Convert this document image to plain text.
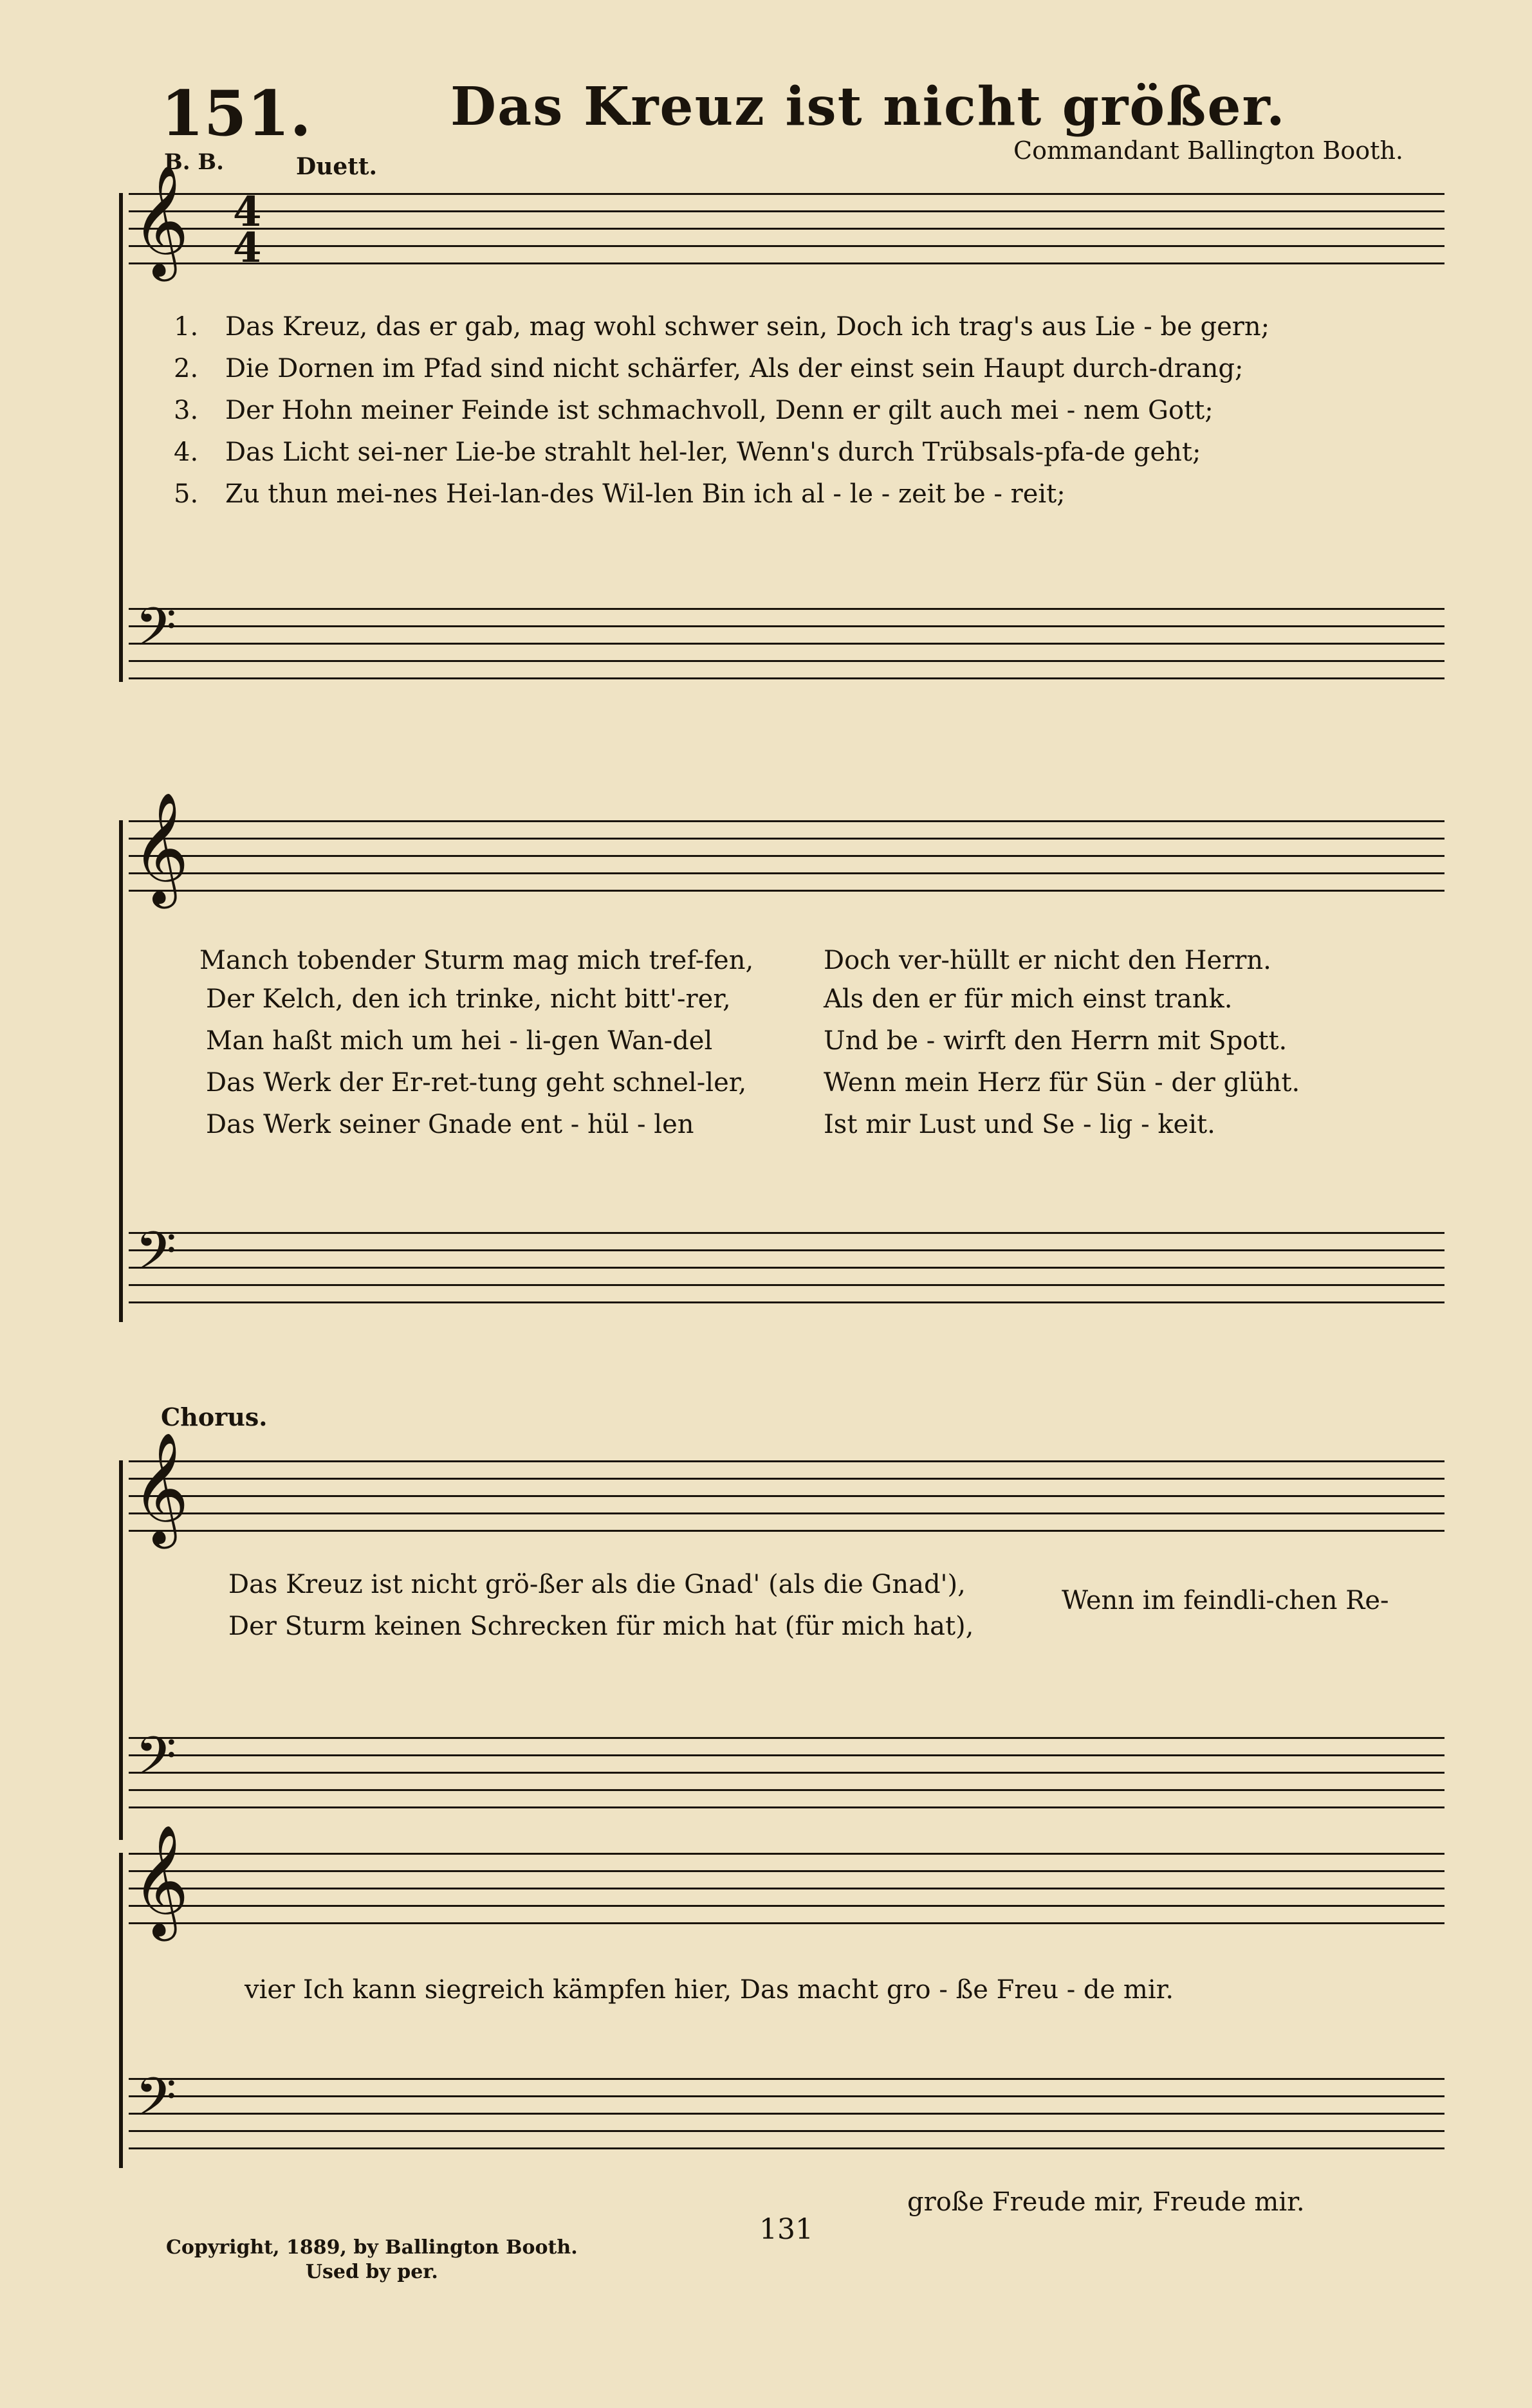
151.	Das Kreuz ist nicht größer.
Commandant Ballington Booth.
B. B.	Duett.
𝄞 4
4
1. Das Kreuz, das er gab, mag wohl schwer sein, Doch ich trag's aus Lie - be gern;
2. Die Dornen im Pfad sind nicht schärfer, Als der einst sein Haupt durch-drang;
3. Der Hohn meiner Feinde ist schmachvoll, Denn er gilt auch mei - nem Gott;
4. Das Licht sei-ner Lie-be strahlt hel-ler, Wenn's durch Trübsals-pfa-de geht;
5. Zu thun mei-nes Hei-lan-des Wil-len Bin ich al - le - zeit be - reit;
𝄢
𝄞
Manch tobender Sturm mag mich tref-fen,	Doch ver-hüllt er nicht den Herrn.
Der Kelch, den ich trinke, nicht bitt'-rer,	Als den er für mich einst trank.
Man haßt mich um hei - li-gen Wan-del	Und be - wirft den Herrn mit Spott.
Das Werk der Er-ret-tung geht schnel-ler,	Wenn mein Herz für Sün - der glüht.
Das Werk seiner Gnade ent - hül - len	Ist mir Lust und Se - lig - keit.
𝄢
Chorus.
𝄞
Das Kreuz ist nicht grö-ßer als die Gnad' (als die Gnad'),
Der Sturm keinen Schrecken für mich hat (für mich hat),
Wenn im feindli-chen Re-
𝄢
𝄞
vier Ich kann siegreich kämpfen hier, Das macht gro - ße Freu - de mir.
𝄢
große Freude mir, Freude mir.
Copyright, 1889, by Ballington Booth.
Used by per.
131
